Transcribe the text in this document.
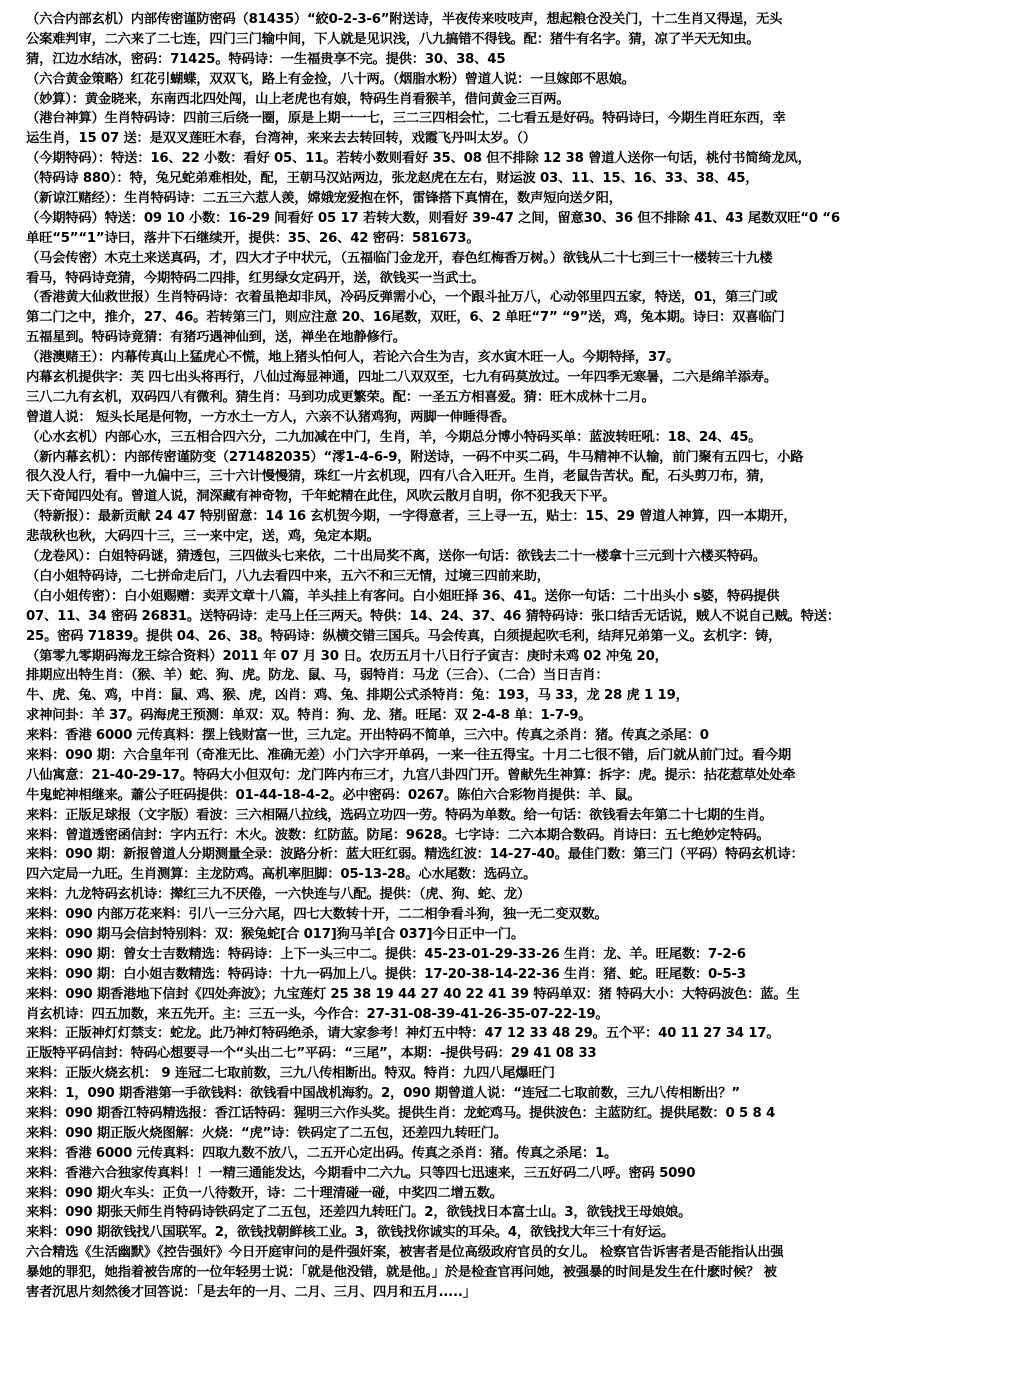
（六合内部玄机）内部传密谨防密码（81435）“絞0-2-3-6”附送诗，半夜传来吱吱声，想起粮仓没关门，十二生肖又得逞，无头
公案难判审，二六来了二七连，四门三门输中间，下人就是见识浅，八九搞错不得钱。配：猪牛有名字。猜，凉了半天无知虫。
猜，江边水结冰，密码：71425。特码诗：一生福贵享不完。提供：30、38、45
（六合黄金策略）红花引蝴蝶，双双飞，路上有金捡，八十两。（烟脂水粉）曾道人说：一旦嫁郎不思娘。
（妙算）：黄金晓来，东南西北四处闯，山上老虎也有娘，特码生肖看猴羊，借问黄金三百两。
（港台神算）生肖特码诗：四前三后绕一圈，原是上期一一七，三二三四相会忙，二七看五是好码。特码诗曰，今期生肖旺东西，幸
运生肖，15 07 送：是双叉莲旺木春，台湾神，来来去去转回转，戏霞飞丹叫太岁。（）
（今期特码）：特送：16、22 小数：看好 05、11。若转小数则看好 35、08 但不排除 12 38 曾道人送你一句话，桃付书简绮龙凤，
（特码诗 880）：特，兔兄蛇弟难相处，配，王朝马汉站两边，张龙赵虎在左右，财运波 03、11、15、16、33、38、45，
（新谅江赌经）：生肖特码诗：二五三六惹人羡，嫦娥宠爱抱在怀，雷锋搭下真情在，数声短向送夕阳，
（今期特码）特送：09 10 小数：16-29 间看好 05 17 若转大数，则看好 39-47 之间，留意30、36 但不排除 41、43 尾数双旺“0 “6
单旺“5”“1”诗曰，落井下石继续开，提供：35、26、42 密码：581673。
（马会传密）木克土来送真码，才，四大才子中状元，（五福临门金龙开，春色红梅香万树。）欲钱从二十七到三十一楼转三十九楼
看马，特码诗竞猜，今期特码二四排，红男绿女定码开，送，欲钱买一当武士。
（香港黄大仙救世报）生肖特码诗：衣着虽艳却非凤，冷码反弹需小心，一个跟斗扯万八，心动邻里四五家，特送，01，第三门或
第二门之中，推介，27、46。若转第三门，则应注意 20、16尾数，双旺，6、2 单旺“7” “9”送，鸡，兔本期。诗曰：双喜临门
五福星到。特码诗竟猜：有猪巧遇神仙到，送，禅坐在地静修行。
（港澳赌王）：内幕传真山上猛虎心不慌，地上猪头怕何人，若论六合生为吉，亥水寅木旺一人。今期特择，37。
内幕玄机提供字：芙 四七出头将再行，八仙过海显神通，四址二八双双至，七九有码莫放过。一年四季无寒暑，二六是绵羊添寿。
三八二九有玄机，双码四八有微利。猜生肖：马到功成更繁荣。配：一圣五方相喜爱。猜：旺木成林十二月。
曾道人说： 短头长尾是何物，一方水土一方人，六亲不认猪鸡狗，两脚一伸睡得香。
（心水玄机）内部心水，三五相合四六分，二九加减在中门，生肖，羊，今期总分博小特码买单：蓝波转旺吼：18、24、45。
（新内幕玄机）：内部传密谨防变（271482035）“澪1-4-6-9，附送诗，一码不中买二码，牛马精神不认输，前门聚有五四七，小路
很久没人行，看中一九偏中三，三十六计慢慢猜，珠红一片玄机现，四有八合入旺开。生肖，老鼠告苦状。配，石头剪刀布，猜，
天下奇闻四处有。曾道人说，洞深藏有神奇物，千年蛇精在此住，风吹云散月自明，你不犯我天下平。
（特新报）：最新贡献 24 47 特别留意：14 16 玄机贺今期，一字得意者，三上寻一五，贴士：15、29 曾道人神算，四一本期开，
悲哉秋也秋，大码四十三，三一来中定，送，鸡，兔定本期。
（龙卷风）：白姐特码谜，猜透包，三四做头七来依，二十出局奖不离，送你一句话：欲钱去二十一楼拿十三元到十六楼买特码。
（白小姐特码诗，二七拼命走后门，八九去看四中来，五六不和三无情，过境三四前来助，
（白小姐传密）：白小姐赐赠：卖弄文章十八篇，羊头挂上有客问。白小姐旺择 36、41。送你一句话：二十出头小 s婆，特码提供
07、11、34 密码 26831。送特码诗：走马上任三两天。特供：14、24、37、46 猜特码诗：张口结舌无话说，贼人不说自己贼。特送：
25。密码 71839。提供 04、26、38。特码诗：纵横交错三国兵。马会传真，白须提起吹毛利，结拜兄弟第一义。玄机字：铸，
（第零九零期码海龙王综合资料）2011 年 07 月 30 日。农历五月十八日行子寅吉：庚时未鸡 02 冲兔 20，
排期应出特生肖：（猴、羊）蛇、狗、虎。防龙、鼠、马，弱特肖：马龙（三合）、（二合）当日吉肖：
牛、虎、兔、鸡，中肖：鼠、鸡、猴、虎，凶肖：鸡、兔、排期公式杀特肖：兔：193，马 33，龙 28 虎 1 19，
求神问卦：羊 37。码海虎王预测：单双：双。特肖：狗、龙、猪。旺尾：双 2-4-8 单：1-7-9。
来料：香港 6000 元传真料：摆上钱财富一世，三九定。开出特码不简单，三六中。传真之杀肖：猪。传真之杀尾：0
来料：090 期：六合皇年刊（奇准无比、准确无差）小门六字开单码，一来一往五得宝。十月二七很不错，后门就从前门过。看今期
八仙寓意：21-40-29-17。特码大小但双句：龙门阵内布三才，九宫八卦四门开。曾献先生神算：拆字：虎。提示：拈花惹草处处牵
牛鬼蛇神相继来。蕭公子旺码提供：01-44-18-4-2。必中密码：0267。陈伯六合彩物肖提供：羊、鼠。
来料：正版足球报（文字版）看波：三六相隔八拉线，选码立功四一劳。特码为单数。给一句话：欲钱看去年第二十七期的生肖。
来料：曾道透密函信封：字内五行：木火。波数：红防蓝。防尾：9628。七字诗：二六本期合数码。肖诗曰：五七绝妙定特码。
来料：090 期：新报曾道人分期测量全录：波路分析：蓝大旺红弱。精选红波：14-27-40。最佳门数：第三门（平码）特码玄机诗：
四六定局一九旺。生肖测算：主龙防鸡。高机率胆脚：05-13-28。心水尾数：选码立。
来料：九龙特码玄机诗：撵红三九不厌倦，一六快连与八配。提供：（虎、狗、蛇、龙）
来料：090 内部万花来料：引八一三分六尾，四七大数转十开，二二相争看斗狗，独一无二变双数。
来料：090 期马会信封特别料：双：猴兔蛇[合 017]狗马羊[合 037]今日正中一门。
来料：090 期：曾女士吉数精选：特码诗：上下一头三中二。提供：45-23-01-29-33-26 生肖：龙、羊。旺尾数：7-2-6
来料：090 期：白小姐吉数精选：特码诗：十九一码加上八。提供：17-20-38-14-22-36 生肖：猪、蛇。旺尾数：0-5-3
来料：090 期香港地下信封《四处奔波》；九宝莲灯 25 38 19 44 27 40 22 41 39 特码单双：猪 特码大小：大特码波色：蓝。生
肖玄机诗：四五加数，来五先开。主：三五一头，今作合：27-31-08-39-41-26-35-07-22-19。
来料：正版神灯灯禁支：蛇龙。此乃神灯特码绝杀，请大家参考！神灯五中特：47 12 33 48 29。五个平：40 11 27 34 17。
正版特平码信封：特码心想要寻一个“头出二七”平码：“三尾”，本期：-提供号码：29 41 08 33
来料：正版火烧玄机： 9 连冠二七取前数，三九八传相断出。特双。特肖：九四八尾爆旺门
来料：1，090 期香港第一手欲钱料：欲钱看中国战机海豹。2，090 期曾道人说：“连冠二七取前数，三九八传相断出？”
来料：090 期香江特码精选报：香江话特码：猩明三六作头奖。提供生肖：龙蛇鸡马。提供波色：主蓝防红。提供尾数：0 5 8 4
来料：090 期正版火烧图解：火烧：“虎”诗：铁码定了二五包，还差四九转旺门。
来料：香港 6000 元传真料：四取九数不放八，二五开心定出码。传真之杀肖：猪。传真之杀尾：1。
来料：香港六合独家传真料！！一精三通能发达，今期看中二六九。只等四七迅速来，三五好码二八呼。密码 5090
来料：090 期火车头：正负一八待数开，诗：二十理清碰一碰，中奖四二增五数。
来料：090 期张天师生肖特码诗铁码定了二五包，还差四九转旺门。2，欲钱找日本富士山。3，欲钱找王母娘娘。
来料：090 期欲钱找八国联军。2，欲钱找朝鲜核工业。3，欲钱找你诚实的耳朵。4，欲钱找大年三十有好运。
六合精选《生活幽默》《控告强奸》今日开庭审问的是件强奸案，被害者是位高级政府官员的女儿。 检察官告诉害者是否能指认出强
暴她的罪犯，她指着被告席的一位年轻男士说：「就是他没错，就是他。」於是检查官再问她，被强暴的时间是发生在什麽时候？ 被
害者沉思片刻然後才回答说：「是去年的一月、二月、三月、四月和五月.....」
